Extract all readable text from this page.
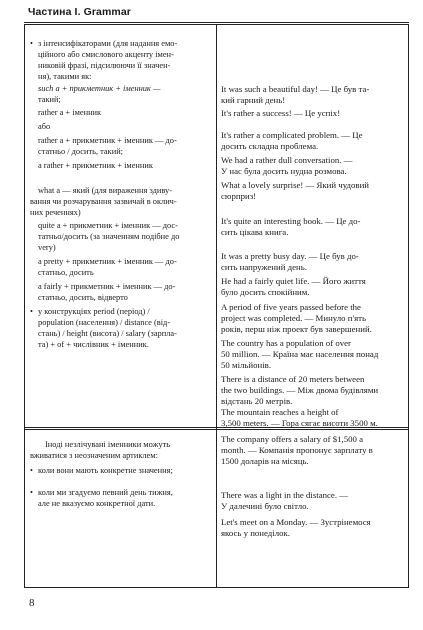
Частина I. Grammar
• з інтенсифікаторами (для надання емо-
ційного або смислового акценту імен-
никовій фразі, підсилюючи її значен-
ня), такими як:
such a + прикметник + іменник —
такий;
rather a + іменник
або
rather a + прикметник + іменник — до-
статньо / досить, такий;
a rather + прикметник + іменник
what a — який (для вираження здиву-
вання чи розчарування зазвичай в оклич-
них реченнях)
quite a + прикметник + іменник — дос-
татньо/досить (за значенням подібне до
very)
a pretty + прикметник + іменник — до-
статньо, досить
a fairly + прикметник + іменник — до-
статньо, досить, відверто
• у конструкціях period (період) /
population (населення) / distance (від-
стань) / height (висота) / salary (зарпла-
та) + of + числівник + іменник.
Іноді незлічувані іменники можуть
вживатися з неозначеним артиклем:
• коли вони мають конкретне значення;
• коли ми згадуємо певний день тижня,
але не вказуємо конкретної дати.
It was such a beautiful day! — Це був та-
кий гарний день!
It's rather a success! — Це успіх!
It's rather a complicated problem. — Це
досить складна проблема.
We had a rather dull conversation. —
У нас була досить нудна розмова.
What a lovely surprise! — Який чудовий
сюрприз!
It's quite an interesting book. — Це до-
сить цікава книга.
It was a pretty busy day. — Це був до-
сить напружений день.
He had a fairly quiet life. — Його життя
було досить спокійним.
A period of five years passed before the
project was completed. — Минуло п'ять
років, перш ніж проект був завершений.
The country has a population of over
50 million. — Країна має населення понад
50 мільйонів.
There is a distance of 20 meters between
the two buildings. — Між двома будівлями
відстань 20 метрів.
The mountain reaches a height of
3,500 meters. — Гора сягає висоти 3500 м.
The company offers a salary of $1,500 a
month. — Компанія пропонує зарплату в
1500 доларів на місяць.
There was a light in the distance. —
У далечині було світло.
Let's meet on a Monday. — Зустрінемося
якось у понеділок.
8
